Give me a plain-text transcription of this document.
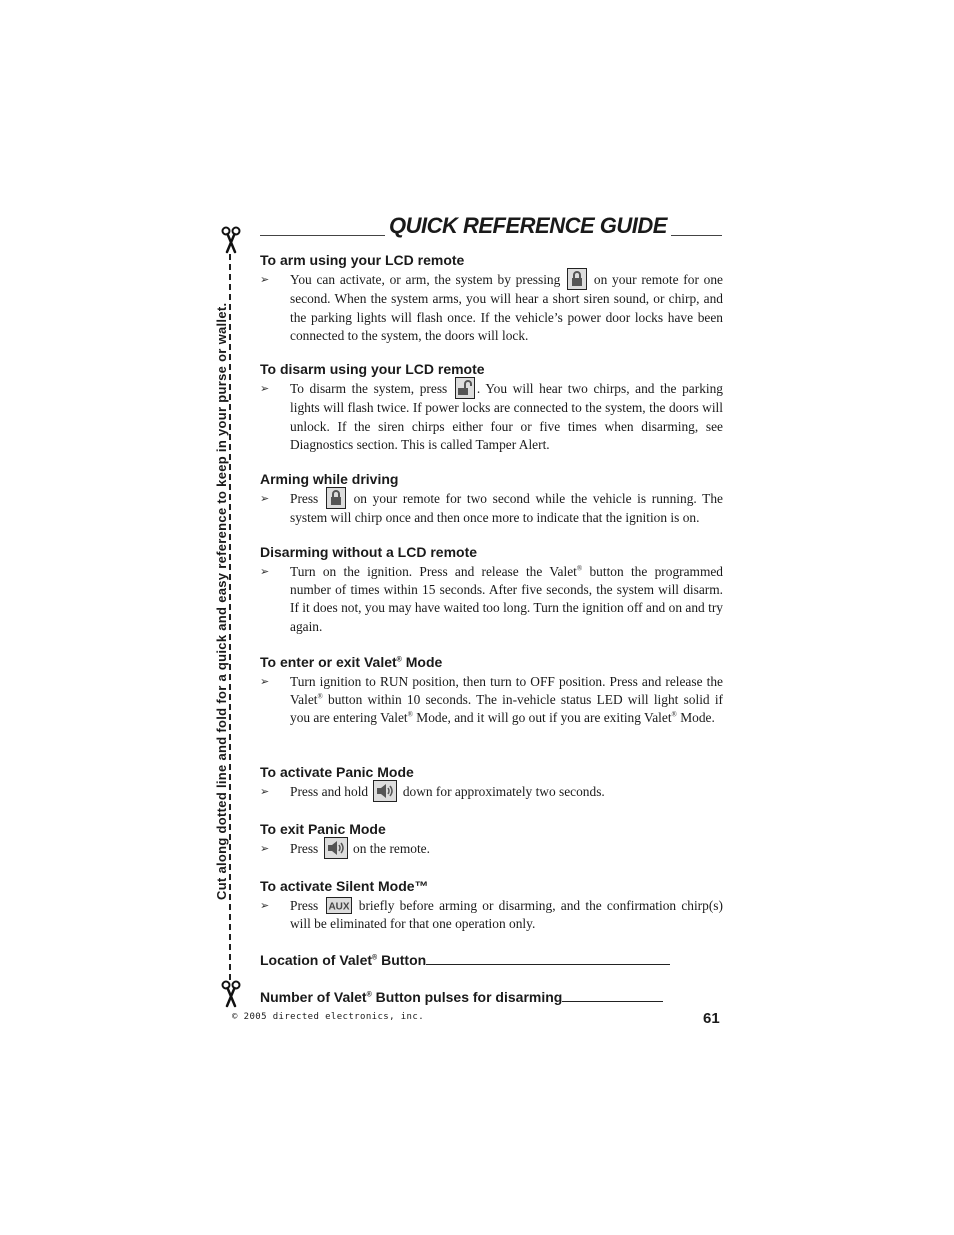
QUICK REFERENCE GUIDE
Cut along dotted line and fold for a quick and easy reference to keep in your purse or wallet.
To arm using your LCD remote
➢ You can activate, or arm, the system by pressing	on your remote for one second. When the system arms, you will hear a short siren sound, or chirp, and the parking lights will flash once. If the vehicle’s power door locks have been connected to the system, the doors will lock.
To disarm using your LCD remote
➢ To disarm the system, press . You will hear two chirps, and the parking lights will flash twice. If power locks are connected to the system, the doors will unlock. If the siren chirps either four or five times when disarming, see Diagnostics section. This is called Tamper Alert.
Arming while driving
➢ Press	on your remote for two second while the vehicle is running. The system will chirp once and then once more to indicate that the ignition is on.
Disarming without a LCD remote
➢ Turn on the ignition. Press and release the Valet® button the programmed number of times within 15 seconds. After five seconds, the system will disarm. If it does not, you may have waited too long. Turn the ignition off and on and try again.
To enter or exit Valet® Mode
➢ Turn ignition to RUN position, then turn to OFF position. Press and release the Valet® button within 10 seconds. The in-vehicle status LED will light solid if you are entering Valet® Mode, and it will go out if you are exiting Valet® Mode.
To activate Panic Mode
➢ Press and hold	down for approximately two seconds.
To exit Panic Mode
➢ Press	on the remote.
To activate Silent Mode™
➢ Press AUX briefly before arming or disarming, and the confirmation chirp(s) will be eliminated for that one operation only.
Location of Valet® Button
Number of Valet® Button pulses for disarming
© 2005 directed electronics, inc.	61
